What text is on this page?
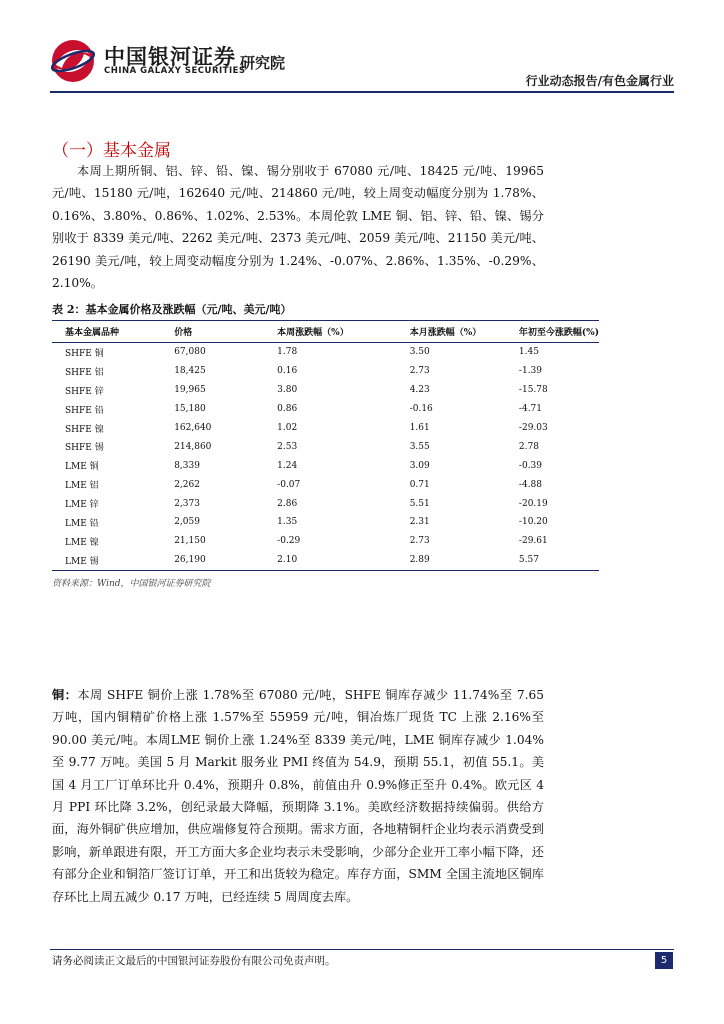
中国银河证券
CHINA GALAXY SECURITIES
研究院
行业动态报告/有色金属行业
（一）基本金属
本周上期所铜、铝、锌、铅、镍、锡分别收于 67080 元/吨、18425 元/吨、19965 元/吨、15180 元/吨，162640 元/吨、214860 元/吨，较上周变动幅度分别为 1.78%、0.16%、3.80%、0.86%、1.02%、2.53%。本周伦敦 LME 铜、铝、锌、铅、镍、锡分别收于 8339 美元/吨、2262 美元/吨、2373 美元/吨、2059 美元/吨、21150 美元/吨、26190 美元/吨，较上周变动幅度分别为 1.24%、-0.07%、2.86%、1.35%、-0.29%、2.10%。
表 2：基本金属价格及涨跌幅（元/吨、美元/吨）
基本金属品种	价格	本周涨跌幅（%）	本月涨跌幅（%）	年初至今涨跌幅(%)
SHFE 铜	67,080	1.78	3.50	1.45
SHFE 铝	18,425	0.16	2.73	-1.39
SHFE 锌	19,965	3.80	4.23	-15.78
SHFE 铅	15,180	0.86	-0.16	-4.71
SHFE 镍	162,640	1.02	1.61	-29.03
SHFE 锡	214,860	2.53	3.55	2.78
LME 铜	8,339	1.24	3.09	-0.39
LME 铝	2,262	-0.07	0.71	-4.88
LME 锌	2,373	2.86	5.51	-20.19
LME 铅	2,059	1.35	2.31	-10.20
LME 镍	21,150	-0.29	2.73	-29.61
LME 锡	26,190	2.10	2.89	5.57
资料来源：Wind，中国银河证券研究院
铜：本周 SHFE 铜价上涨 1.78%至 67080 元/吨，SHFE 铜库存减少 11.74%至 7.65 万吨，国内铜精矿价格上涨 1.57%至 55959 元/吨，铜冶炼厂现货 TC 上涨 2.16%至 90.00 美元/吨。本周LME 铜价上涨 1.24%至 8339 美元/吨，LME 铜库存减少 1.04%至 9.77 万吨。美国 5 月 Markit 服务业 PMI 终值为 54.9，预期 55.1，初值 55.1。美国 4 月工厂订单环比升 0.4%，预期升 0.8%，前值由升 0.9%修正至升 0.4%。欧元区 4 月 PPI 环比降 3.2%，创纪录最大降幅，预期降 3.1%。美欧经济数据持续偏弱。供给方面，海外铜矿供应增加，供应端修复符合预期。需求方面，各地精铜杆企业均表示消费受到影响，新单跟进有限，开工方面大多企业均表示未受影响，少部分企业开工率小幅下降，还有部分企业和铜箔厂签订订单，开工和出货较为稳定。库存方面，SMM 全国主流地区铜库存环比上周五减少 0.17 万吨，已经连续 5 周周度去库。
请务必阅读正文最后的中国银河证券股份有限公司免责声明。	5
